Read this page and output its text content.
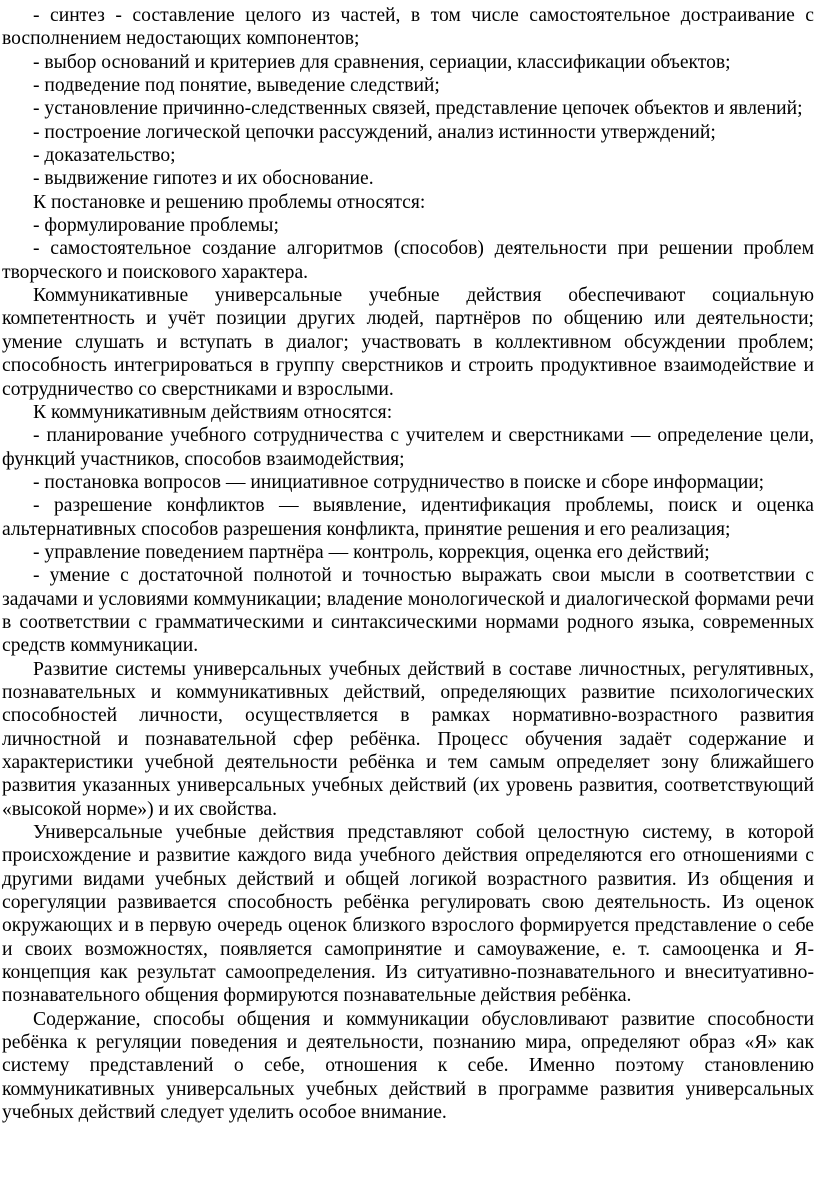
- синтез - составление целого из частей, в том числе самостоятельное достраивание с восполнением недостающих компонентов;

- выбор оснований и критериев для сравнения, сериации, классификации объектов;

- подведение под понятие, выведение следствий;

- установление причинно-следственных связей, представление цепочек объектов и явлений;

- построение логической цепочки рассуждений, анализ истинности утверждений;

- доказательство;

- выдвижение гипотез и их обоснование.

К постановке и решению проблемы относятся:

- формулирование проблемы;

- самостоятельное создание алгоритмов (способов) деятельности при решении проблем творческого и поискового характера.

Коммуникативные универсальные учебные действия обеспечивают социальную компетентность и учёт позиции других людей, партнёров по общению или деятельности; умение слушать и вступать в диалог; участвовать в коллективном обсуждении проблем; способность интегрироваться в группу сверстников и строить продуктивное взаимодействие и сотрудничество со сверстниками и взрослыми.

К коммуникативным действиям относятся:

- планирование учебного сотрудничества с учителем и сверстниками — определение цели, функций участников, способов взаимодействия;

- постановка вопросов — инициативное сотрудничество в поиске и сборе информации;

- разрешение конфликтов — выявление, идентификация проблемы, поиск и оценка альтернативных способов разрешения конфликта, принятие решения и его реализация;

- управление поведением партнёра — контроль, коррекция, оценка его действий;

- умение с достаточной полнотой и точностью выражать свои мысли в соответствии с задачами и условиями коммуникации; владение монологической и диалогической формами речи в соответствии с грамматическими и синтаксическими нормами родного языка, современных средств коммуникации.

Развитие системы универсальных учебных действий в составе личностных, регулятивных, познавательных и коммуникативных действий, определяющих развитие психологических способностей личности, осуществляется в рамках нормативно-возрастного развития личностной и познавательной сфер ребёнка. Процесс обучения задаёт содержание и характеристики учебной деятельности ребёнка и тем самым определяет зону ближайшего развития указанных универсальных учебных действий (их уровень развития, соответствующий «высокой норме») и их свойства.

Универсальные учебные действия представляют собой целостную систему, в которой происхождение и развитие каждого вида учебного действия определяются его отношениями с другими видами учебных действий и общей логикой возрастного развития. Из общения и сорегуляции развивается способность ребёнка регулировать свою деятельность. Из оценок окружающих и в первую очередь оценок близкого взрослого формируется представление о себе и своих возможностях, появляется самопринятие и самоуважение, е. т. самооценка и Я-концепция как результат самоопределения. Из ситуативно-познавательного и внеситуативно-познавательного общения формируются познавательные действия ребёнка.

Содержание, способы общения и коммуникации обусловливают развитие способности ребёнка к регуляции поведения и деятельности, познанию мира, определяют образ «Я» как систему представлений о себе, отношения к себе. Именно поэтому становлению коммуникативных универсальных учебных действий в программе развития универсальных учебных действий следует уделить особое внимание.
